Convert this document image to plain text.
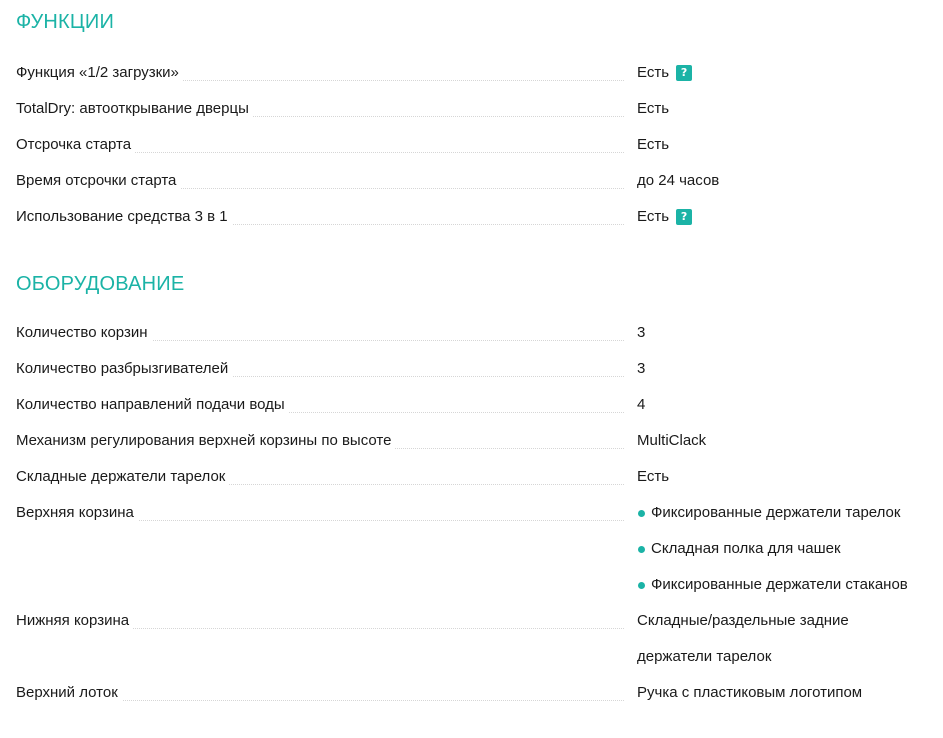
ФУНКЦИИ
Функция «1/2 загрузки»	Есть	?
TotalDry: автооткрывание дверцы	Есть
Отсрочка старта	Есть
Время отсрочки старта	до 24 часов
Использование средства 3 в 1	Есть	?
ОБОРУДОВАНИЕ
Количество корзин	3
Количество разбрызгивателей	3
Количество направлений подачи воды	4
Механизм регулирования верхней корзины по высоте	MultiClack
Складные держатели тарелок	Есть
Верхняя корзина	Фиксированные держатели тарелок
Складная полка для чашек
Фиксированные держатели стаканов
Нижняя корзина	Складные/раздельные задние
держатели тарелок
Верхний лоток	Ручка с пластиковым логотипом
